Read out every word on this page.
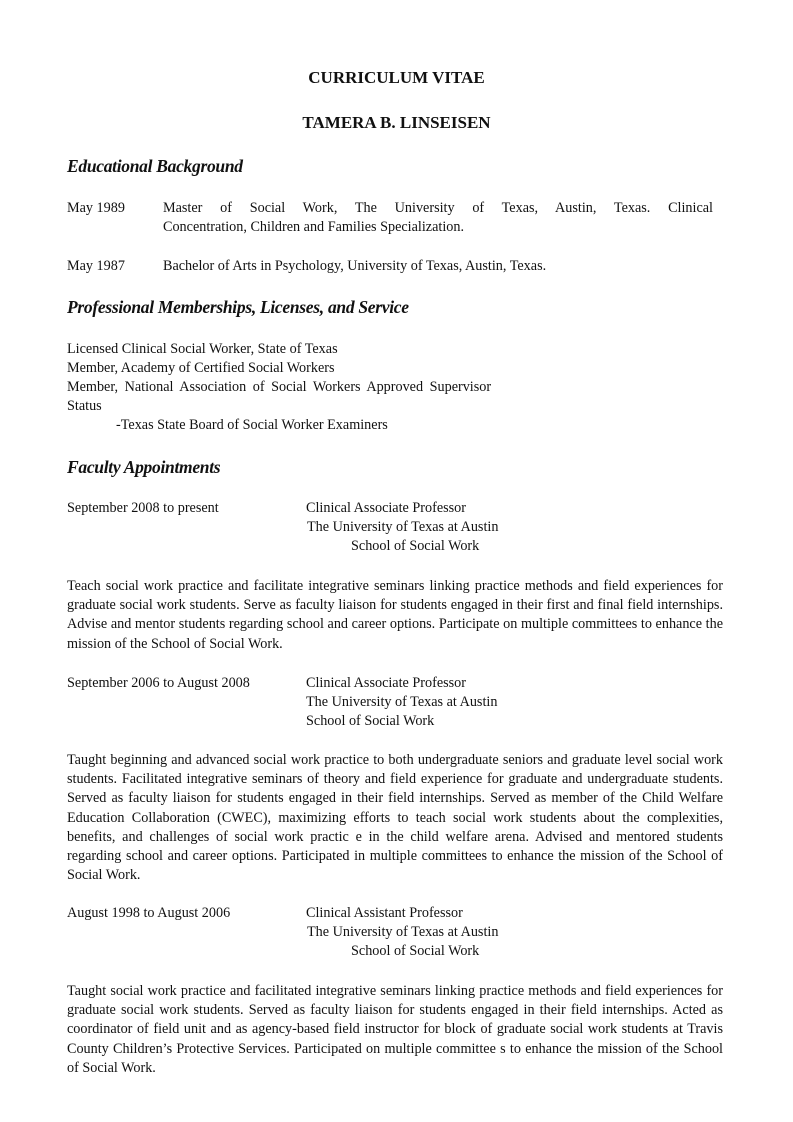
CURRICULUM VITAE
TAMERA B. LINSEISEN
Educational Background
May 1989	Master of Social Work, The University of Texas, Austin, Texas. Clinical

Concentration, Children and Families Specialization.
May 1987	Bachelor of Arts in Psychology, University of Texas, Austin, Texas.
Professional Memberships, Licenses, and Service
Licensed Clinical Social Worker, State of Texas
Member, Academy of Certified Social Workers
Member, National Association of Social Workers Approved Supervisor
Status
-Texas State Board of Social Worker Examiners
Faculty Appointments
September 2008 to present	Clinical Associate Professor
The University of Texas at Austin
School of Social Work

Teach social work practice and facilitate integrative seminars linking practice methods and field experiences for graduate social work students. Serve as faculty liaison for students engaged in their first and final field internships. Advise and mentor students regarding school and career options. Participate on multiple committees to enhance the mission of the School of Social Work.

September 2006 to August 2008	Clinical Associate Professor
The University of Texas at Austin
School of Social Work

Taught beginning and advanced social work practice to both undergraduate seniors and graduate level social work students. Facilitated integrative seminars of theory and field experience for graduate and undergraduate students. Served as faculty liaison for students engaged in their field internships. Served as member of the Child Welfare Education Collaboration (CWEC), maximizing efforts to teach social work students about the complexities, benefits, and challenges of social work practic e in the child welfare arena. Advised and mentored students regarding school and career options. Participated in multiple committees to enhance the mission of the School of Social Work.

August 1998 to August 2006	Clinical Assistant Professor
The University of Texas at Austin
School of Social Work

Taught social work practice and facilitated integrative seminars linking practice methods and field experiences for graduate social work students. Served as faculty liaison for students engaged in their field internships. Acted as coordinator of field unit and as agency-based field instructor for block of graduate social work students at Travis County Children’s Protective Services. Participated on multiple committee s to enhance the mission of the School of Social Work.
